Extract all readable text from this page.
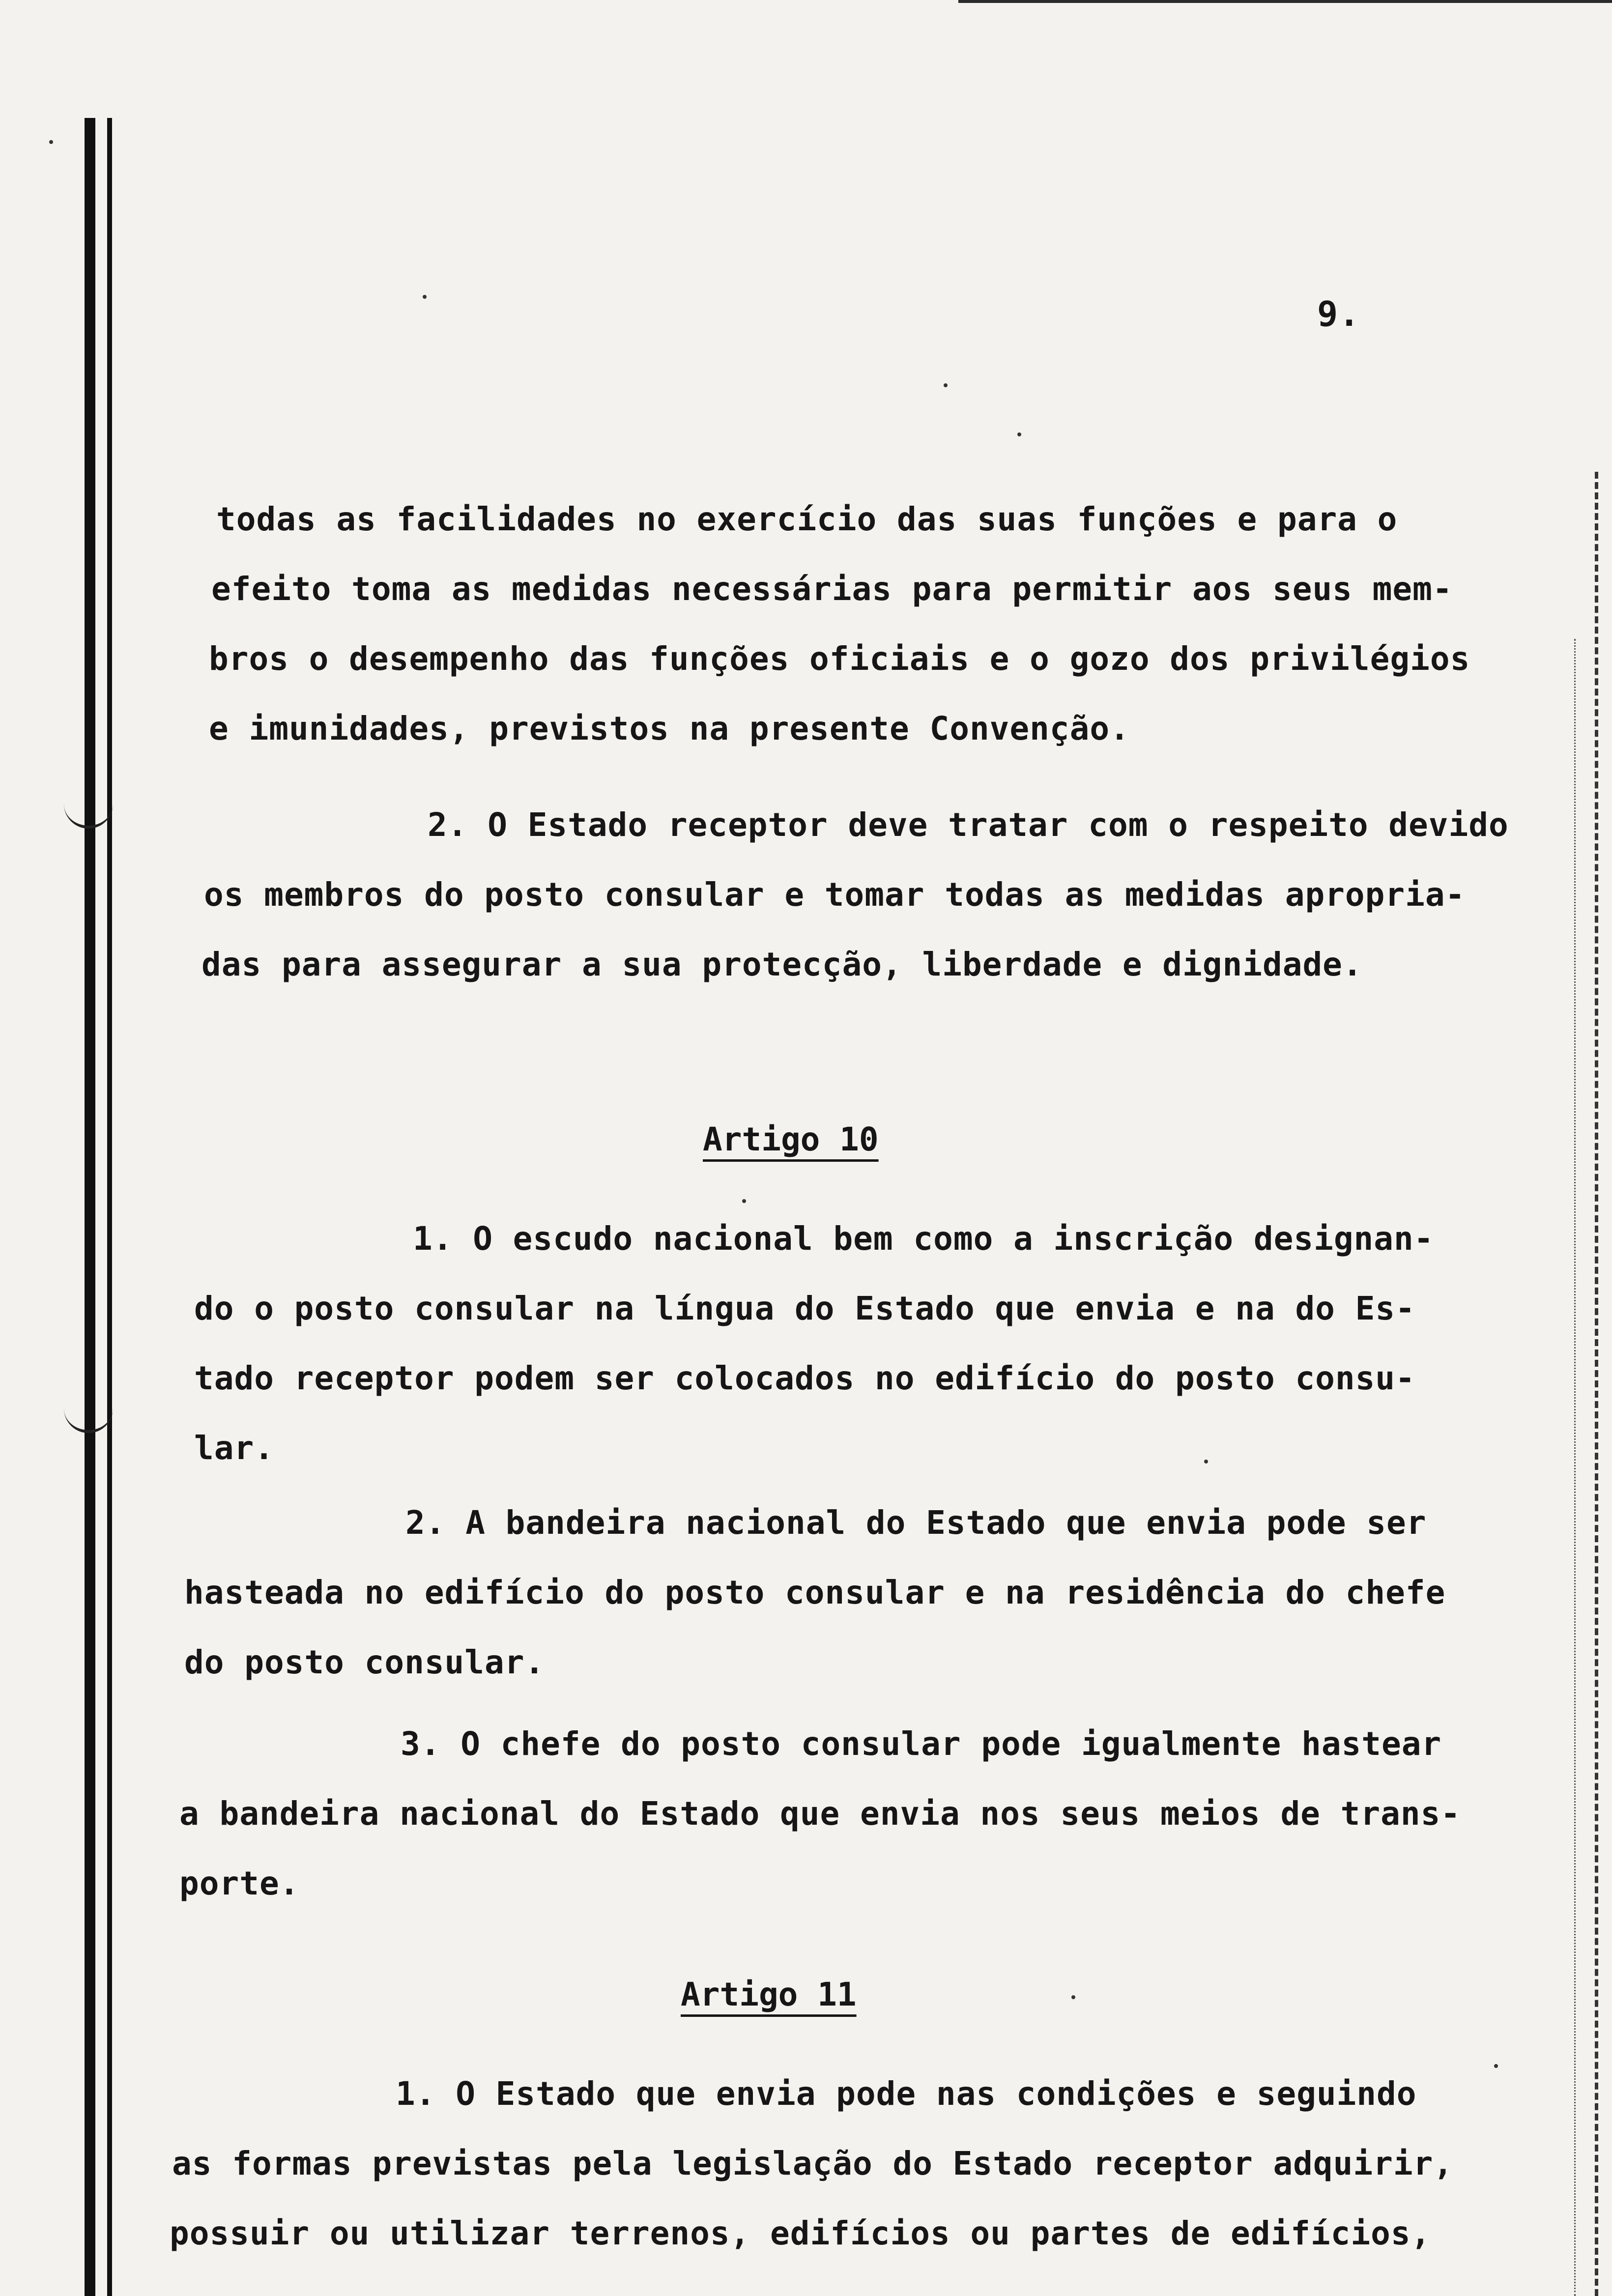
9.
todas as facilidades no exercício das suas funções e para o
efeito toma as medidas necessárias para permitir aos seus mem-
bros o desempenho das funções oficiais e o gozo dos privilégios
e imunidades, previstos na presente Convenção.
2. O Estado receptor deve tratar com o respeito devido
os membros do posto consular e tomar todas as medidas apropria-
das para assegurar a sua protecção, liberdade e dignidade.
Artigo 10
1. O escudo nacional bem como a inscrição designan-
do o posto consular na língua do Estado que envia e na do Es-
tado receptor podem ser colocados no edifício do posto consu-
lar.
2. A bandeira nacional do Estado que envia pode ser
hasteada no edifício do posto consular e na residência do chefe
do posto consular.
3. O chefe do posto consular pode igualmente hastear
a bandeira nacional do Estado que envia nos seus meios de trans-
porte.
Artigo 11
1. O Estado que envia pode nas condições e seguindo
as formas previstas pela legislação do Estado receptor adquirir,
possuir ou utilizar terrenos, edifícios ou partes de edifícios,
